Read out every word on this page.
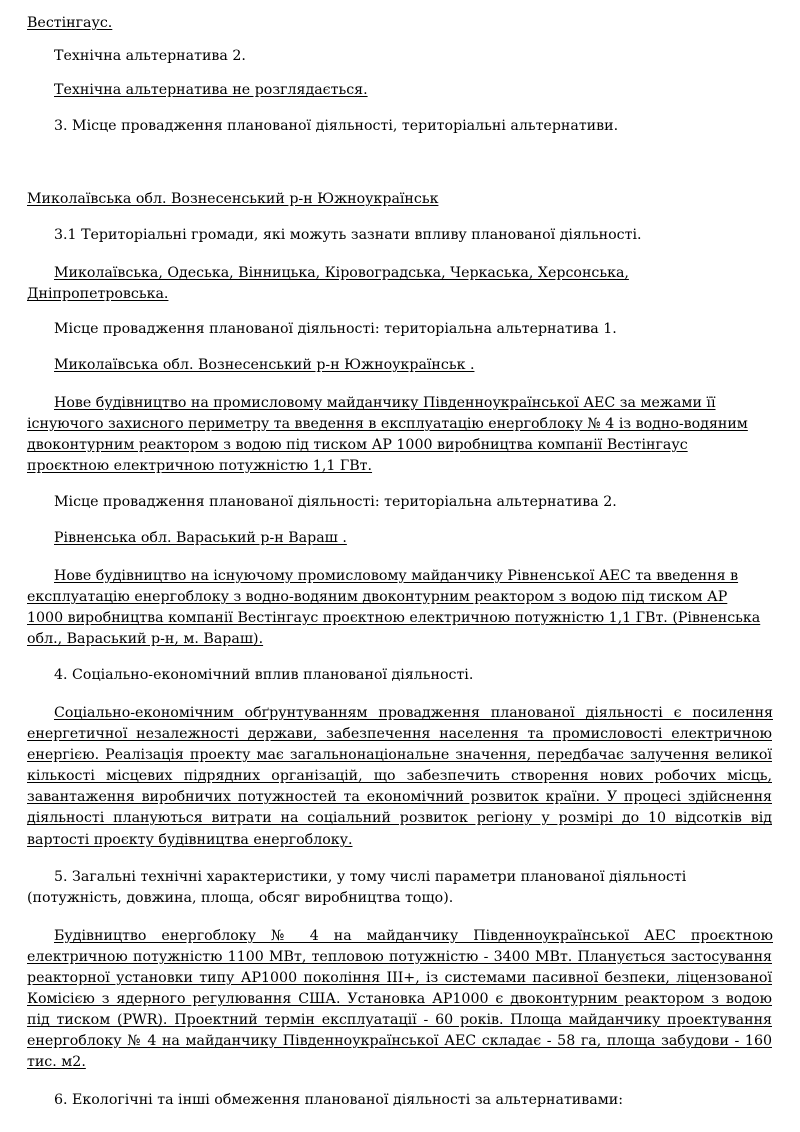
Вестінгаус.
Технічна альтернатива 2.
Технічна альтернатива не розглядається.
3. Місце провадження планованої діяльності, територіальні альтернативи.
Миколаївська обл. Вознесенський р-н Южноукраїнськ
3.1 Територіальні громади, які можуть зазнати впливу планованої діяльності.
Миколаївська, Одеська, Вінницька, Кіровоградська, Черкаська, Херсонська,
Дніпропетровська.
Місце провадження планованої діяльності: територіальна альтернатива 1.
Миколаївська обл. Вознесенський р-н Южноукраїнськ .
Нове будівництво на промисловому майданчику Південноукраїнської АЕС за межами її
існуючого захисного периметру та введення в експлуатацію енергоблоку № 4 із водно-водяним
двоконтурним реактором з водою під тиском АР 1000 виробництва компанії Вестінгаус
проєктною електричною потужністю 1,1 ГВт.
Місце провадження планованої діяльності: територіальна альтернатива 2.
Рівненська обл. Вараський р-н Вараш .
Нове будівництво на існуючому промисловому майданчику Рівненської АЕС та введення в
експлуатацію енергоблоку з водно-водяним двоконтурним реактором з водою під тиском АР
1000 виробництва компанії Вестінгаус проєктною електричною потужністю 1,1 ГВт. (Рівненська
обл., Вараський р-н, м. Вараш).
4. Соціально-економічний вплив планованої діяльності.
Соціально-економічним обґрунтуванням провадження планованої діяльності є посилення
енергетичної незалежності держави, забезпечення населення та промисловості електричною
енергією. Реалізація проекту має загальнонаціональне значення, передбачає залучення великої
кількості місцевих підрядних організацій, що забезпечить створення нових робочих місць,
завантаження виробничих потужностей та економічний розвиток країни. У процесі здійснення
діяльності плануються витрати на соціальний розвиток регіону у розмірі до 10 відсотків від
вартості проєкту будівництва енергоблоку.
5. Загальні технічні характеристики, у тому числі параметри планованої діяльності
(потужність, довжина, площа, обсяг виробництва тощо).
Будівництво енергоблоку № 4 на майданчику Південноукраїнської АЕС проєктною
електричною потужністю 1100 МВт, тепловою потужністю - 3400 МВт. Планується застосування
реакторної установки типу АР1000 покоління III+, із системами пасивної безпеки, ліцензованої
Комісією з ядерного регулювання США. Установка АР1000 є двоконтурним реактором з водою
під тиском (PWR). Проектний термін експлуатації - 60 років. Площа майданчику проектування
енергоблоку № 4 на майданчику Південноукраїнської АЕС складає - 58 га, площа забудови - 160
тис. м2.
6. Екологічні та інші обмеження планованої діяльності за альтернативами:
